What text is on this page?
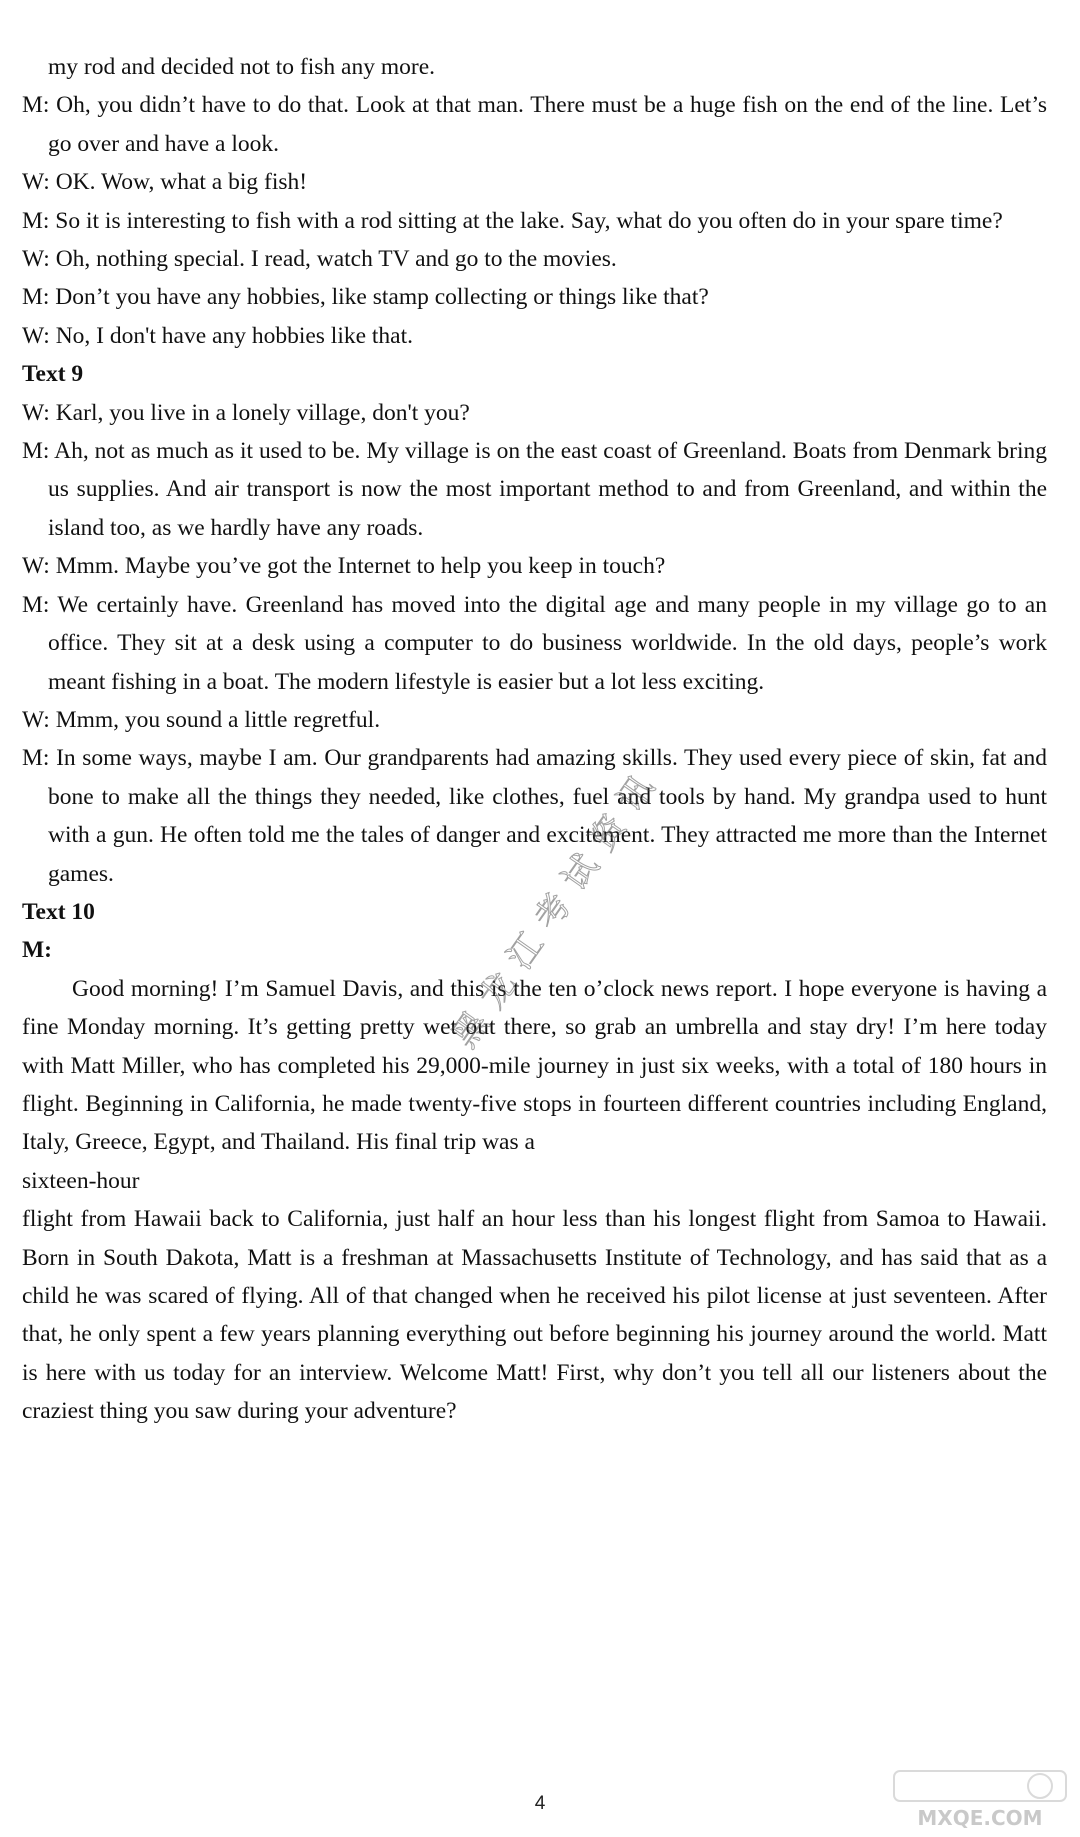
my rod and decided not to fish any more.

M: Oh, you didn’t have to do that. Look at that man. There must be a huge fish on the end of the line. Let’s go over and have a look.

W: OK. Wow, what a big fish!

M: So it is interesting to fish with a rod sitting at the lake. Say, what do you often do in your spare time?

W: Oh, nothing special. I read, watch TV and go to the movies.

M: Don’t you have any hobbies, like stamp collecting or things like that?

W: No, I don't have any hobbies like that.

Text 9

W: Karl, you live in a lonely village, don't you?

M: Ah, not as much as it used to be. My village is on the east coast of Greenland. Boats from Denmark bring us supplies. And air transport is now the most important method to and from Greenland, and within the island too, as we hardly have any roads.

W: Mmm. Maybe you’ve got the Internet to help you keep in touch?

M: We certainly have. Greenland has moved into the digital age and many people in my village go to an office. They sit at a desk using a computer to do business worldwide. In the old days, people’s work meant fishing in a boat. The modern lifestyle is easier but a lot less exciting.

W: Mmm, you sound a little regretful.

M: In some ways, maybe I am. Our grandparents had amazing skills. They used every piece of skin, fat and bone to make all the things they needed, like clothes, fuel and tools by hand. My grandpa used to hunt with a gun. He often told me the tales of danger and excitement. They attracted me more than the Internet games.

Text 10

M:

Good morning! I’m Samuel Davis, and this is the ten o’clock news report. I hope everyone is having a fine Monday morning. It’s getting pretty wet out there, so grab an umbrella and stay dry! I’m here today with Matt Miller, who has completed his 29,000-mile journey in just six weeks, with a total of 180 hours in flight. Beginning in California, he made twenty-five stops in fourteen different countries including England, Italy, Greece, Egypt, and Thailand. His final trip was a

sixteen-hour

flight from Hawaii back to California, just half an hour less than his longest flight from Samoa to Hawaii. Born in South Dakota, Matt is a freshman at Massachusetts Institute of Technology, and has said that as a child he was scared of flying. All of that changed when he received his pilot license at just seventeen. After that, he only spent a few years planning everything out before beginning his journey around the world. Matt is here with us today for an interview. Welcome Matt! First, why don’t you tell all our listeners about the craziest thing you saw during your adventure?

黑龙江考试资讯
MXQE.COM
4
